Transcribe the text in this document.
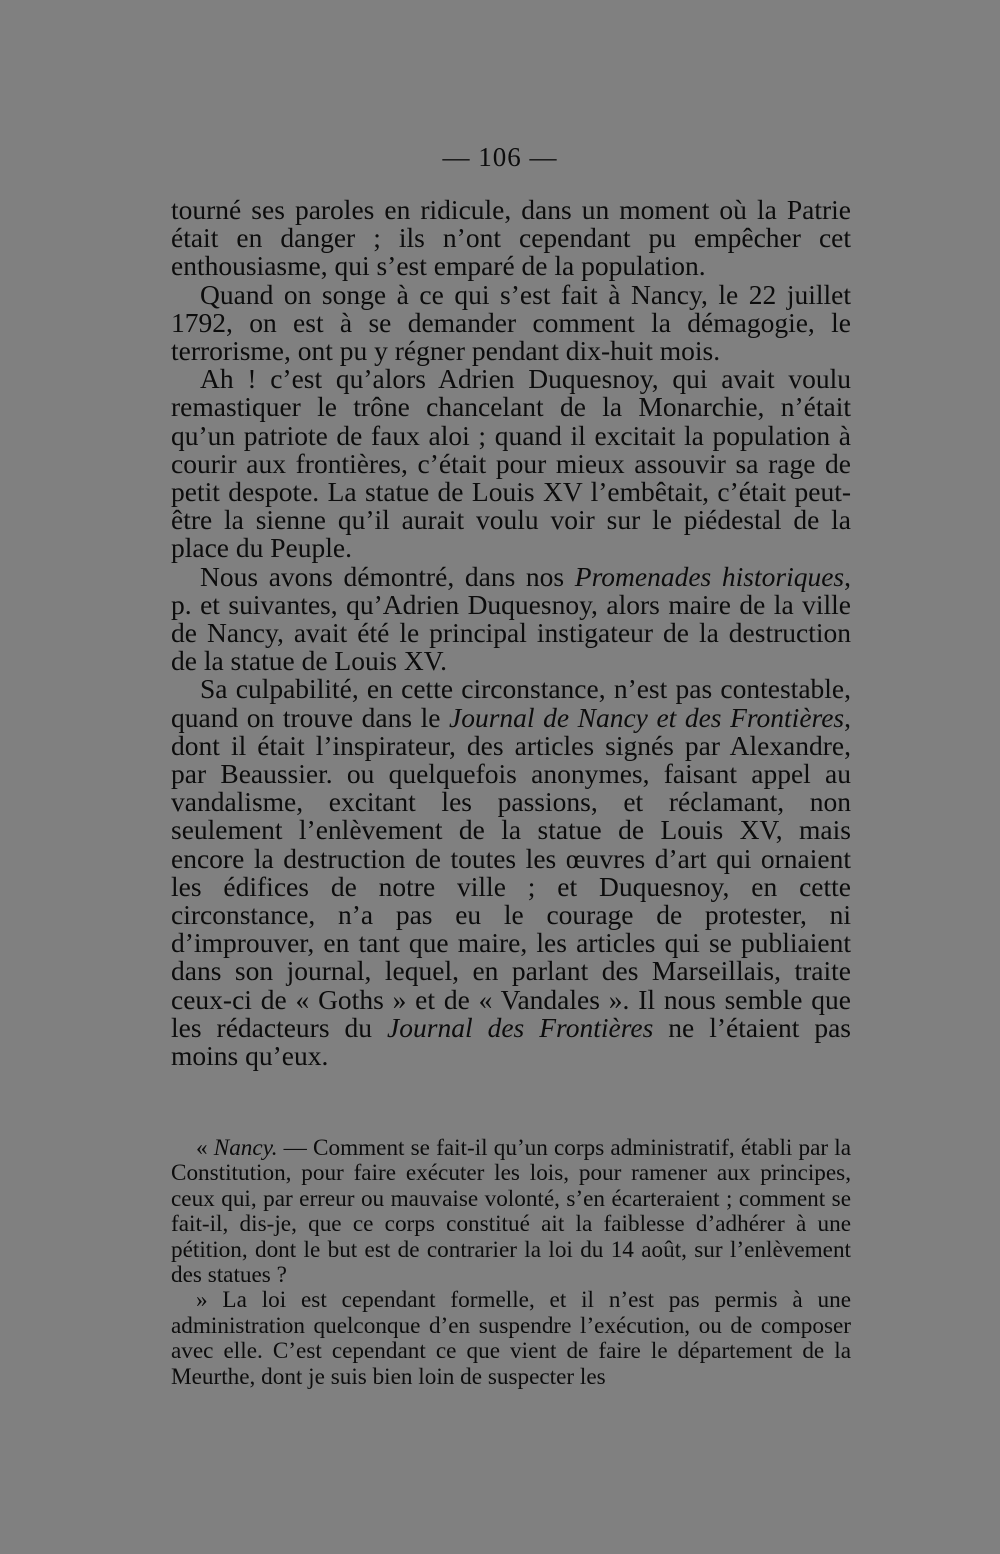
— 106 —

tourné ses paroles en ridicule, dans un moment où la Patrie était en danger ; ils n’ont cependant pu empêcher cet enthousiasme, qui s’est emparé de la population.

Quand on songe à ce qui s’est fait à Nancy, le 22 juillet 1792, on est à se demander comment la démagogie, le terrorisme, ont pu y régner pendant dix-huit mois.

Ah ! c’est qu’alors Adrien Duquesnoy, qui avait voulu remastiquer le trône chancelant de la Monarchie, n’était qu’un patriote de faux aloi ; quand il excitait la population à courir aux frontières, c’était pour mieux assouvir sa rage de petit despote. La statue de Louis XV l’embêtait, c’était peut-être la sienne qu’il aurait voulu voir sur le piédestal de la place du Peuple.

Nous avons démontré, dans nos Promenades historiques, p. et suivantes, qu’Adrien Duquesnoy, alors maire de la ville de Nancy, avait été le principal instigateur de la destruction de la statue de Louis XV.

Sa culpabilité, en cette circonstance, n’est pas contestable, quand on trouve dans le Journal de Nancy et des Frontières, dont il était l’inspirateur, des articles signés par Alexandre, par Beaussier. ou quelquefois anonymes, faisant appel au vandalisme, excitant les passions, et réclamant, non seulement l’enlèvement de la statue de Louis XV, mais encore la destruction de toutes les œuvres d’art qui ornaient les édifices de notre ville ; et Duquesnoy, en cette circonstance, n’a pas eu le courage de protester, ni d’improuver, en tant que maire, les articles qui se publiaient dans son journal, lequel, en parlant des Marseillais, traite ceux-ci de « Goths » et de « Vandales ». Il nous semble que les rédacteurs du Journal des Frontières ne l’étaient pas moins qu’eux.

« Nancy. — Comment se fait-il qu’un corps administratif, établi par la Constitution, pour faire exécuter les lois, pour ramener aux principes, ceux qui, par erreur ou mauvaise volonté, s’en écarteraient ; comment se fait-il, dis-je, que ce corps constitué ait la faiblesse d’adhérer à une pétition, dont le but est de contrarier la loi du 14 août, sur l’enlèvement des statues ?

» La loi est cependant formelle, et il n’est pas permis à une administration quelconque d’en suspendre l’exécution, ou de composer avec elle. C’est cependant ce que vient de faire le département de la Meurthe, dont je suis bien loin de suspecter les
